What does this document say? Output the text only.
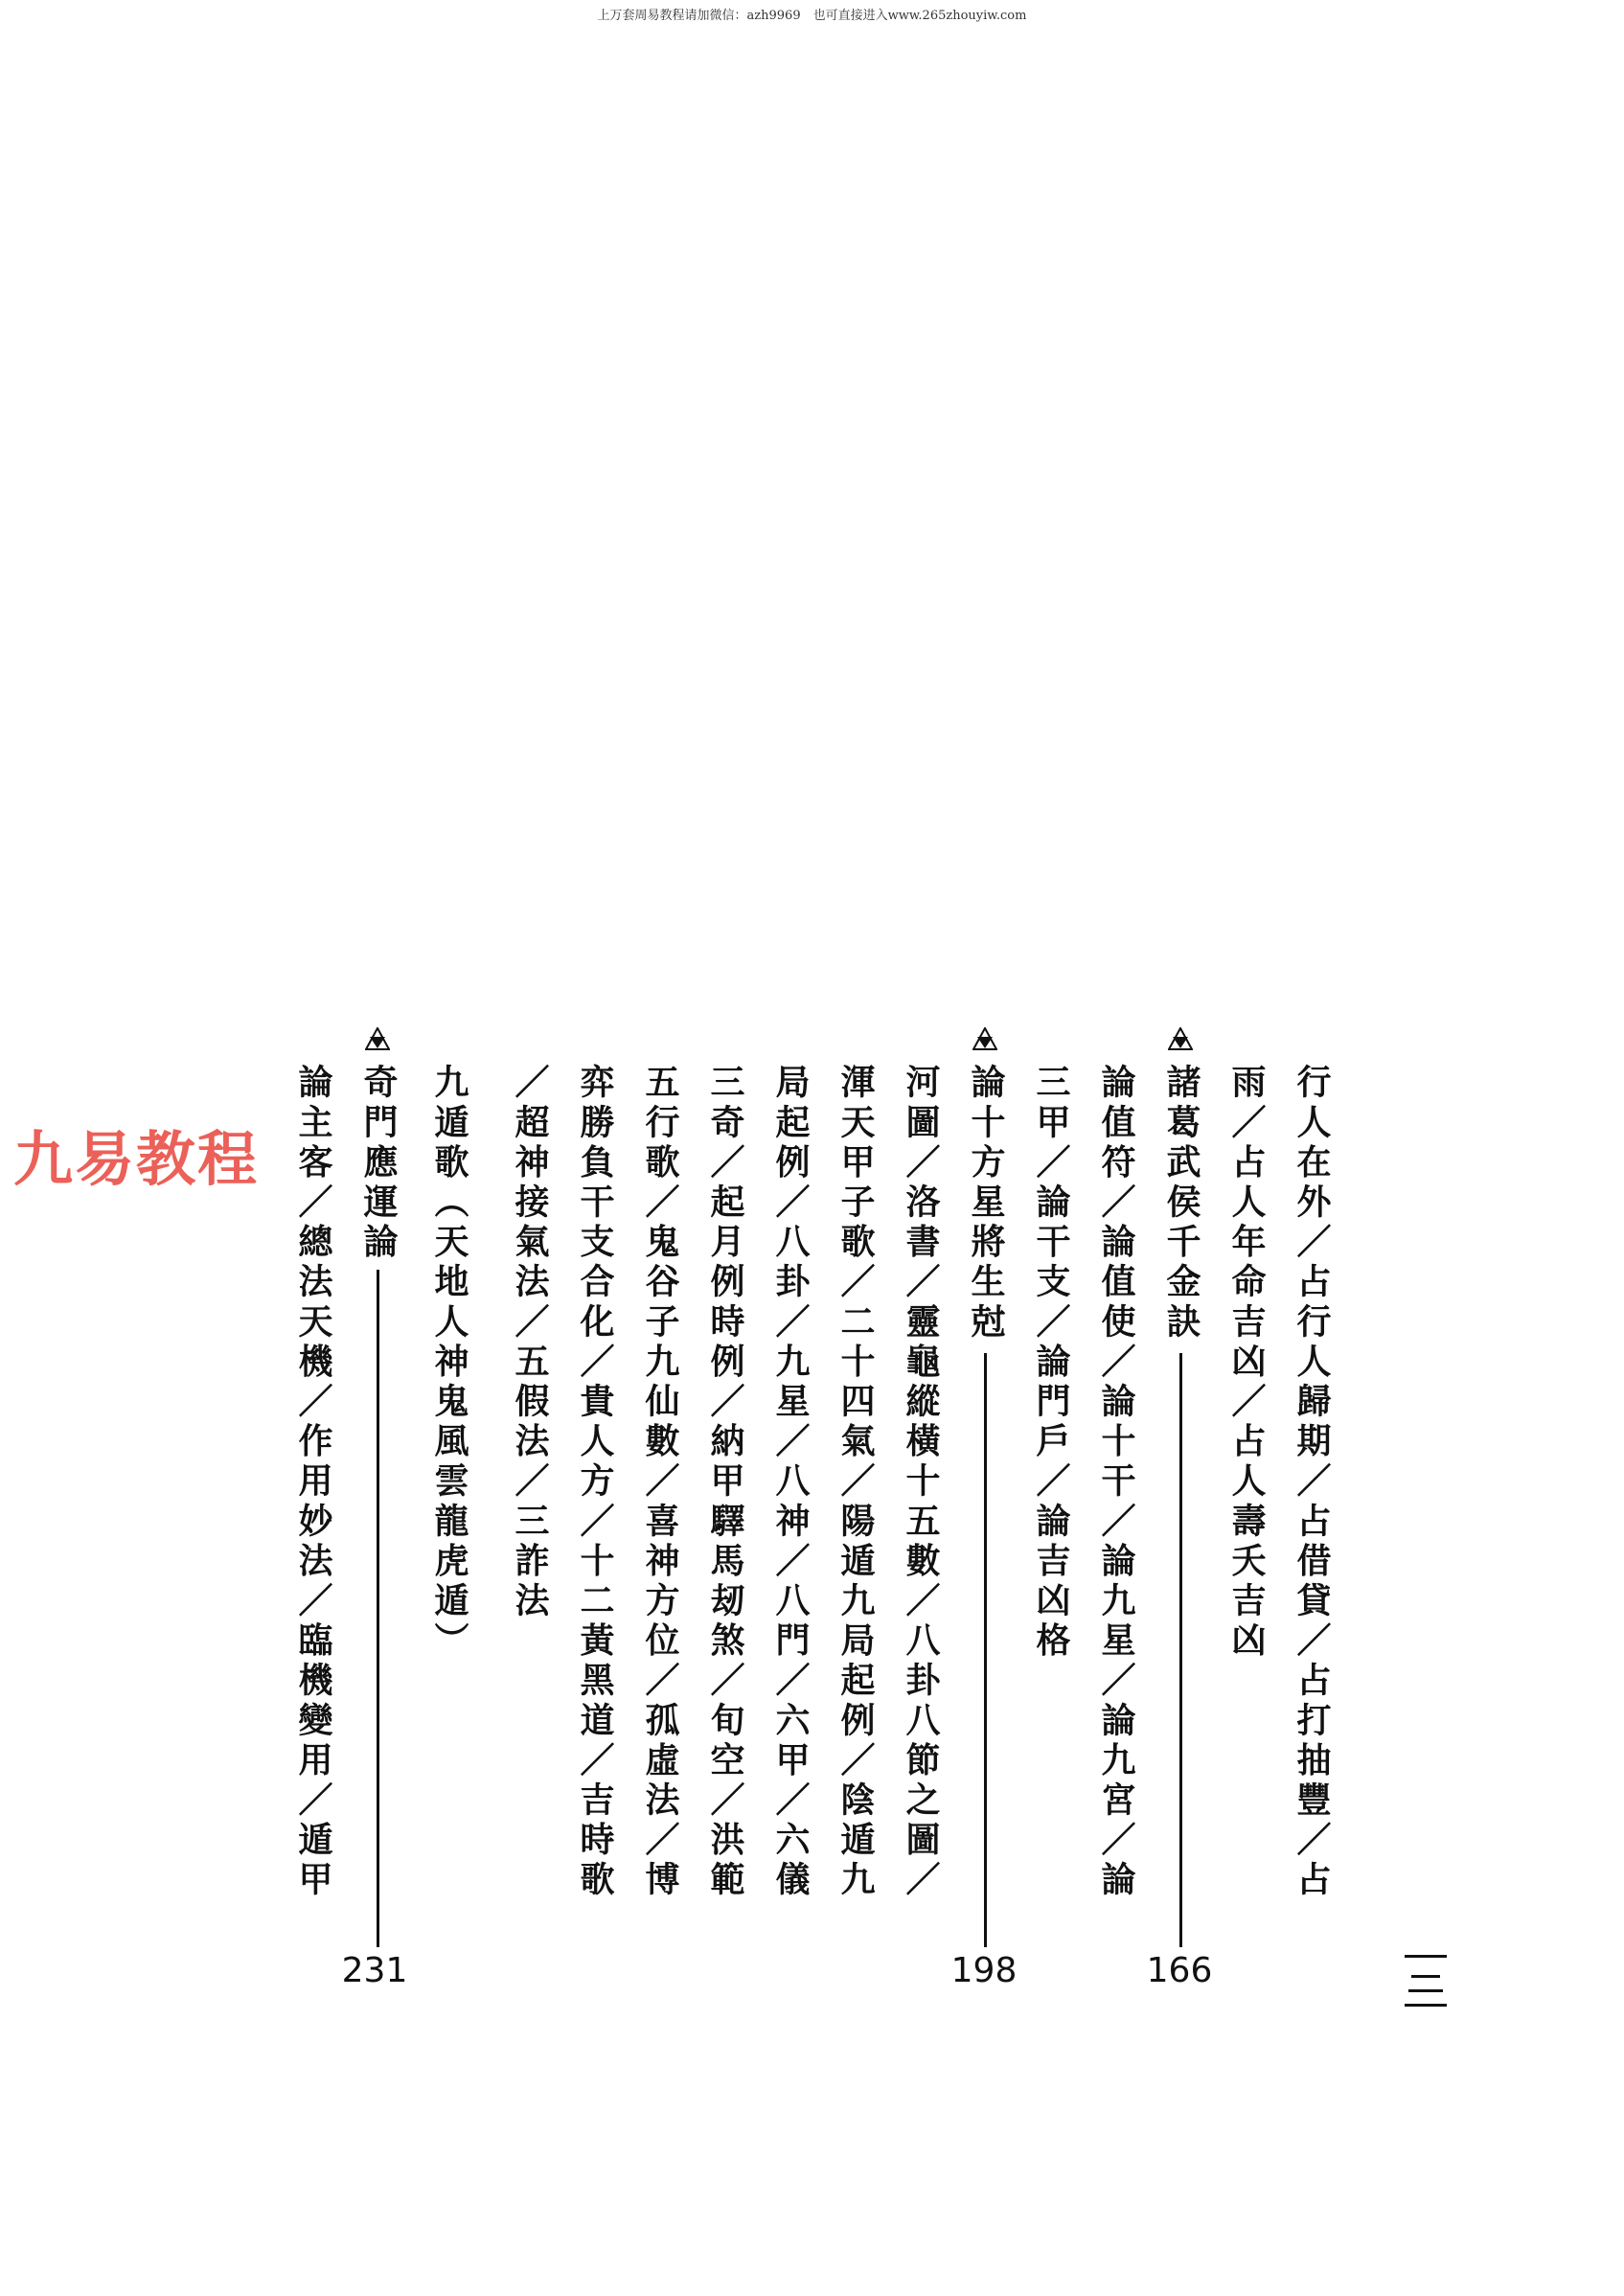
上万套周易教程请加微信：azh9969　也可直接进入www.265zhouyiw.com
九易教程	行人在外／占行人歸期／占借貸／占打抽豐／占
雨／占人年命吉凶／占人壽夭吉凶
諸葛武侯千金訣
166
論值符／論值使／論十干／論九星／論九宮／論
三甲／論干支／論門戶／論吉凶格
論十方星將生尅
198
河圖／洛書／靈龜縱橫十五數／八卦八節之圖／
渾天甲子歌／二十四氣／陽遁九局起例／陰遁九
局起例／八卦／九星／八神／八門／六甲／六儀
三奇／起月例時例／納甲驛馬刼煞／旬空／洪範
五行歌／鬼谷子九仙數／喜神方位／孤虛法／博
弈勝負干支合化／貴人方／十二黃黑道／吉時歌
／超神接氣法／五假法／三詐法
九遁歌（天地人神鬼風雲龍虎遁）
奇門應運論
231
論主客／總法天機／作用妙法／臨機變用／遁甲
